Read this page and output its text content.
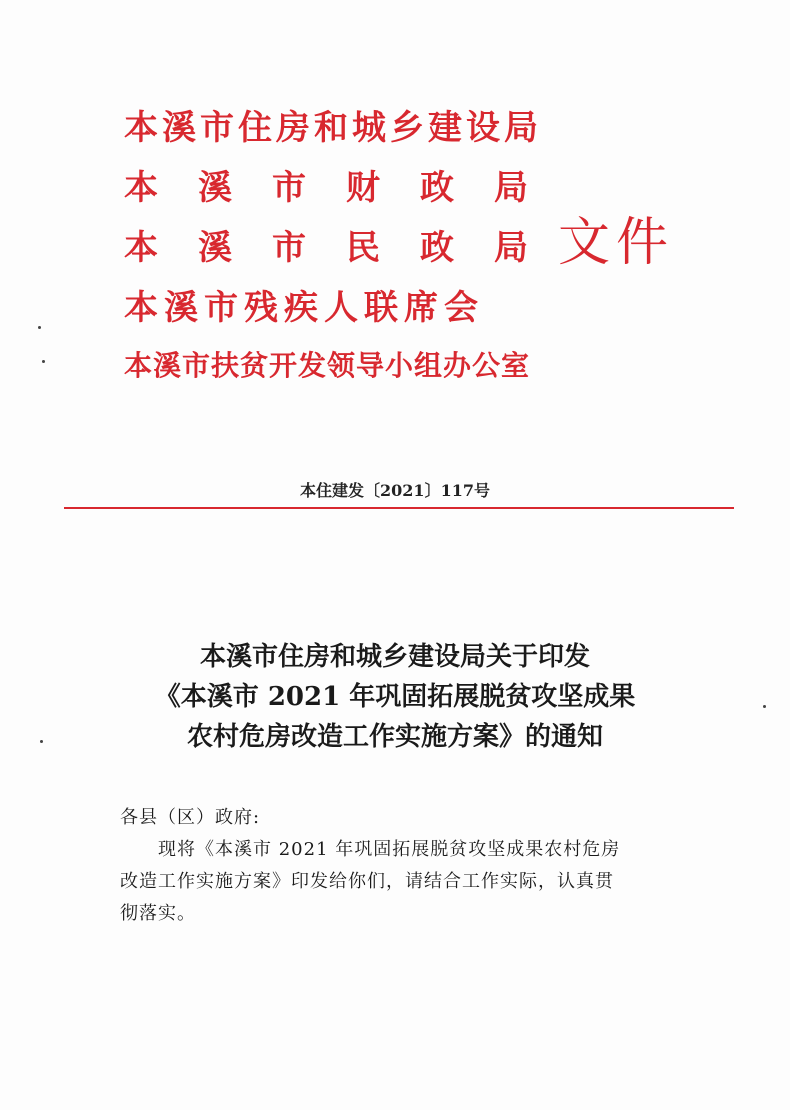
本溪市住房和城乡建设局
本溪市财政局
本溪市民政局
本溪市残疾人联席会
本溪市扶贫开发领导小组办公室
文件
本住建发〔2021〕117号
本溪市住房和城乡建设局关于印发
《本溪市 2021 年巩固拓展脱贫攻坚成果
农村危房改造工作实施方案》的通知
各县（区）政府:
现将《本溪市 2021 年巩固拓展脱贫攻坚成果农村危房
改造工作实施方案》印发给你们，请结合工作实际，认真贯
彻落实。
